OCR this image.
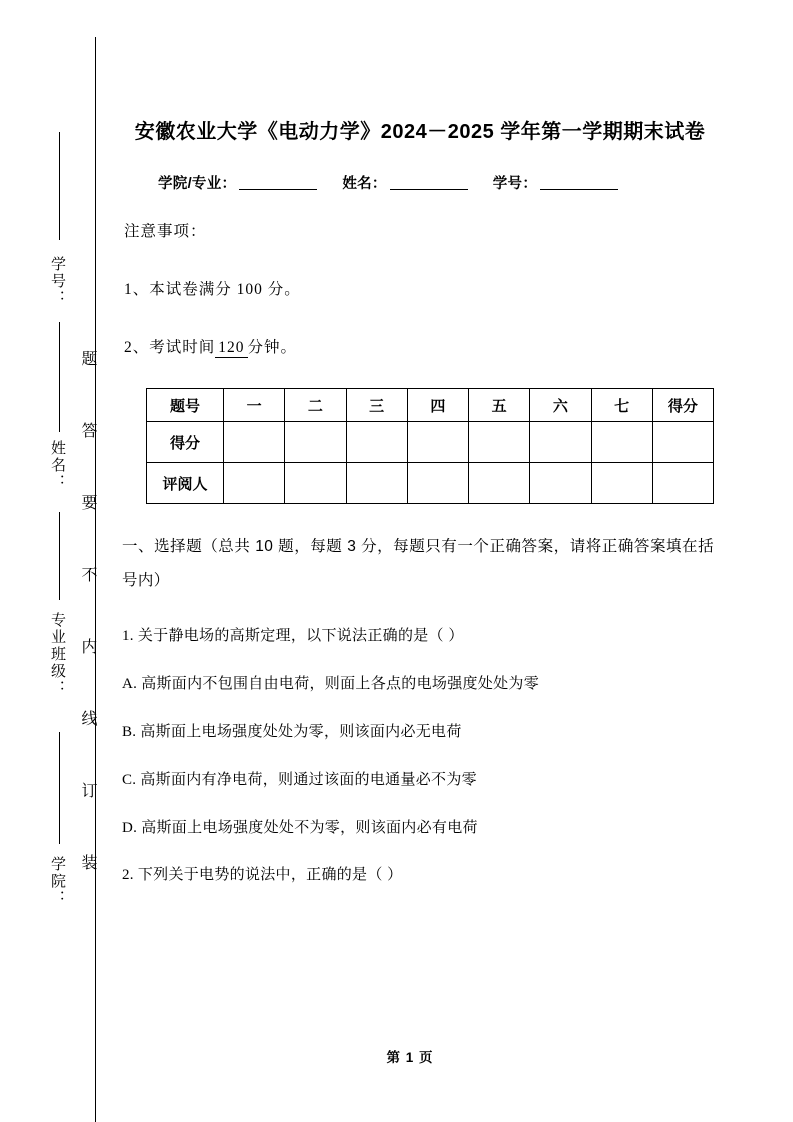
学号：
姓名：
专业班级：
学院： 题答要不内线订装
安徽农业大学《电动力学》2024－2025 学年第一学期期末试卷

学院/专业：	姓名：	学号：

注意事项：

1、本试卷满分 100 分。

2、考试时间 120 分钟。

题号	一	二	三	四	五	六	七	得分
得分								
评阅人								

一、选择题（总共 10 题，每题 3 分，每题只有一个正确答案，请将正确答案填在括号内）

1. 关于静电场的高斯定理，以下说法正确的是（ ）

A. 高斯面内不包围自由电荷，则面上各点的电场强度处处为零

B. 高斯面上电场强度处处为零，则该面内必无电荷

C. 高斯面内有净电荷，则通过该面的电通量必不为零

D. 高斯面上电场强度处处不为零，则该面内必有电荷

2. 下列关于电势的说法中，正确的是（ ）

第 1 页
